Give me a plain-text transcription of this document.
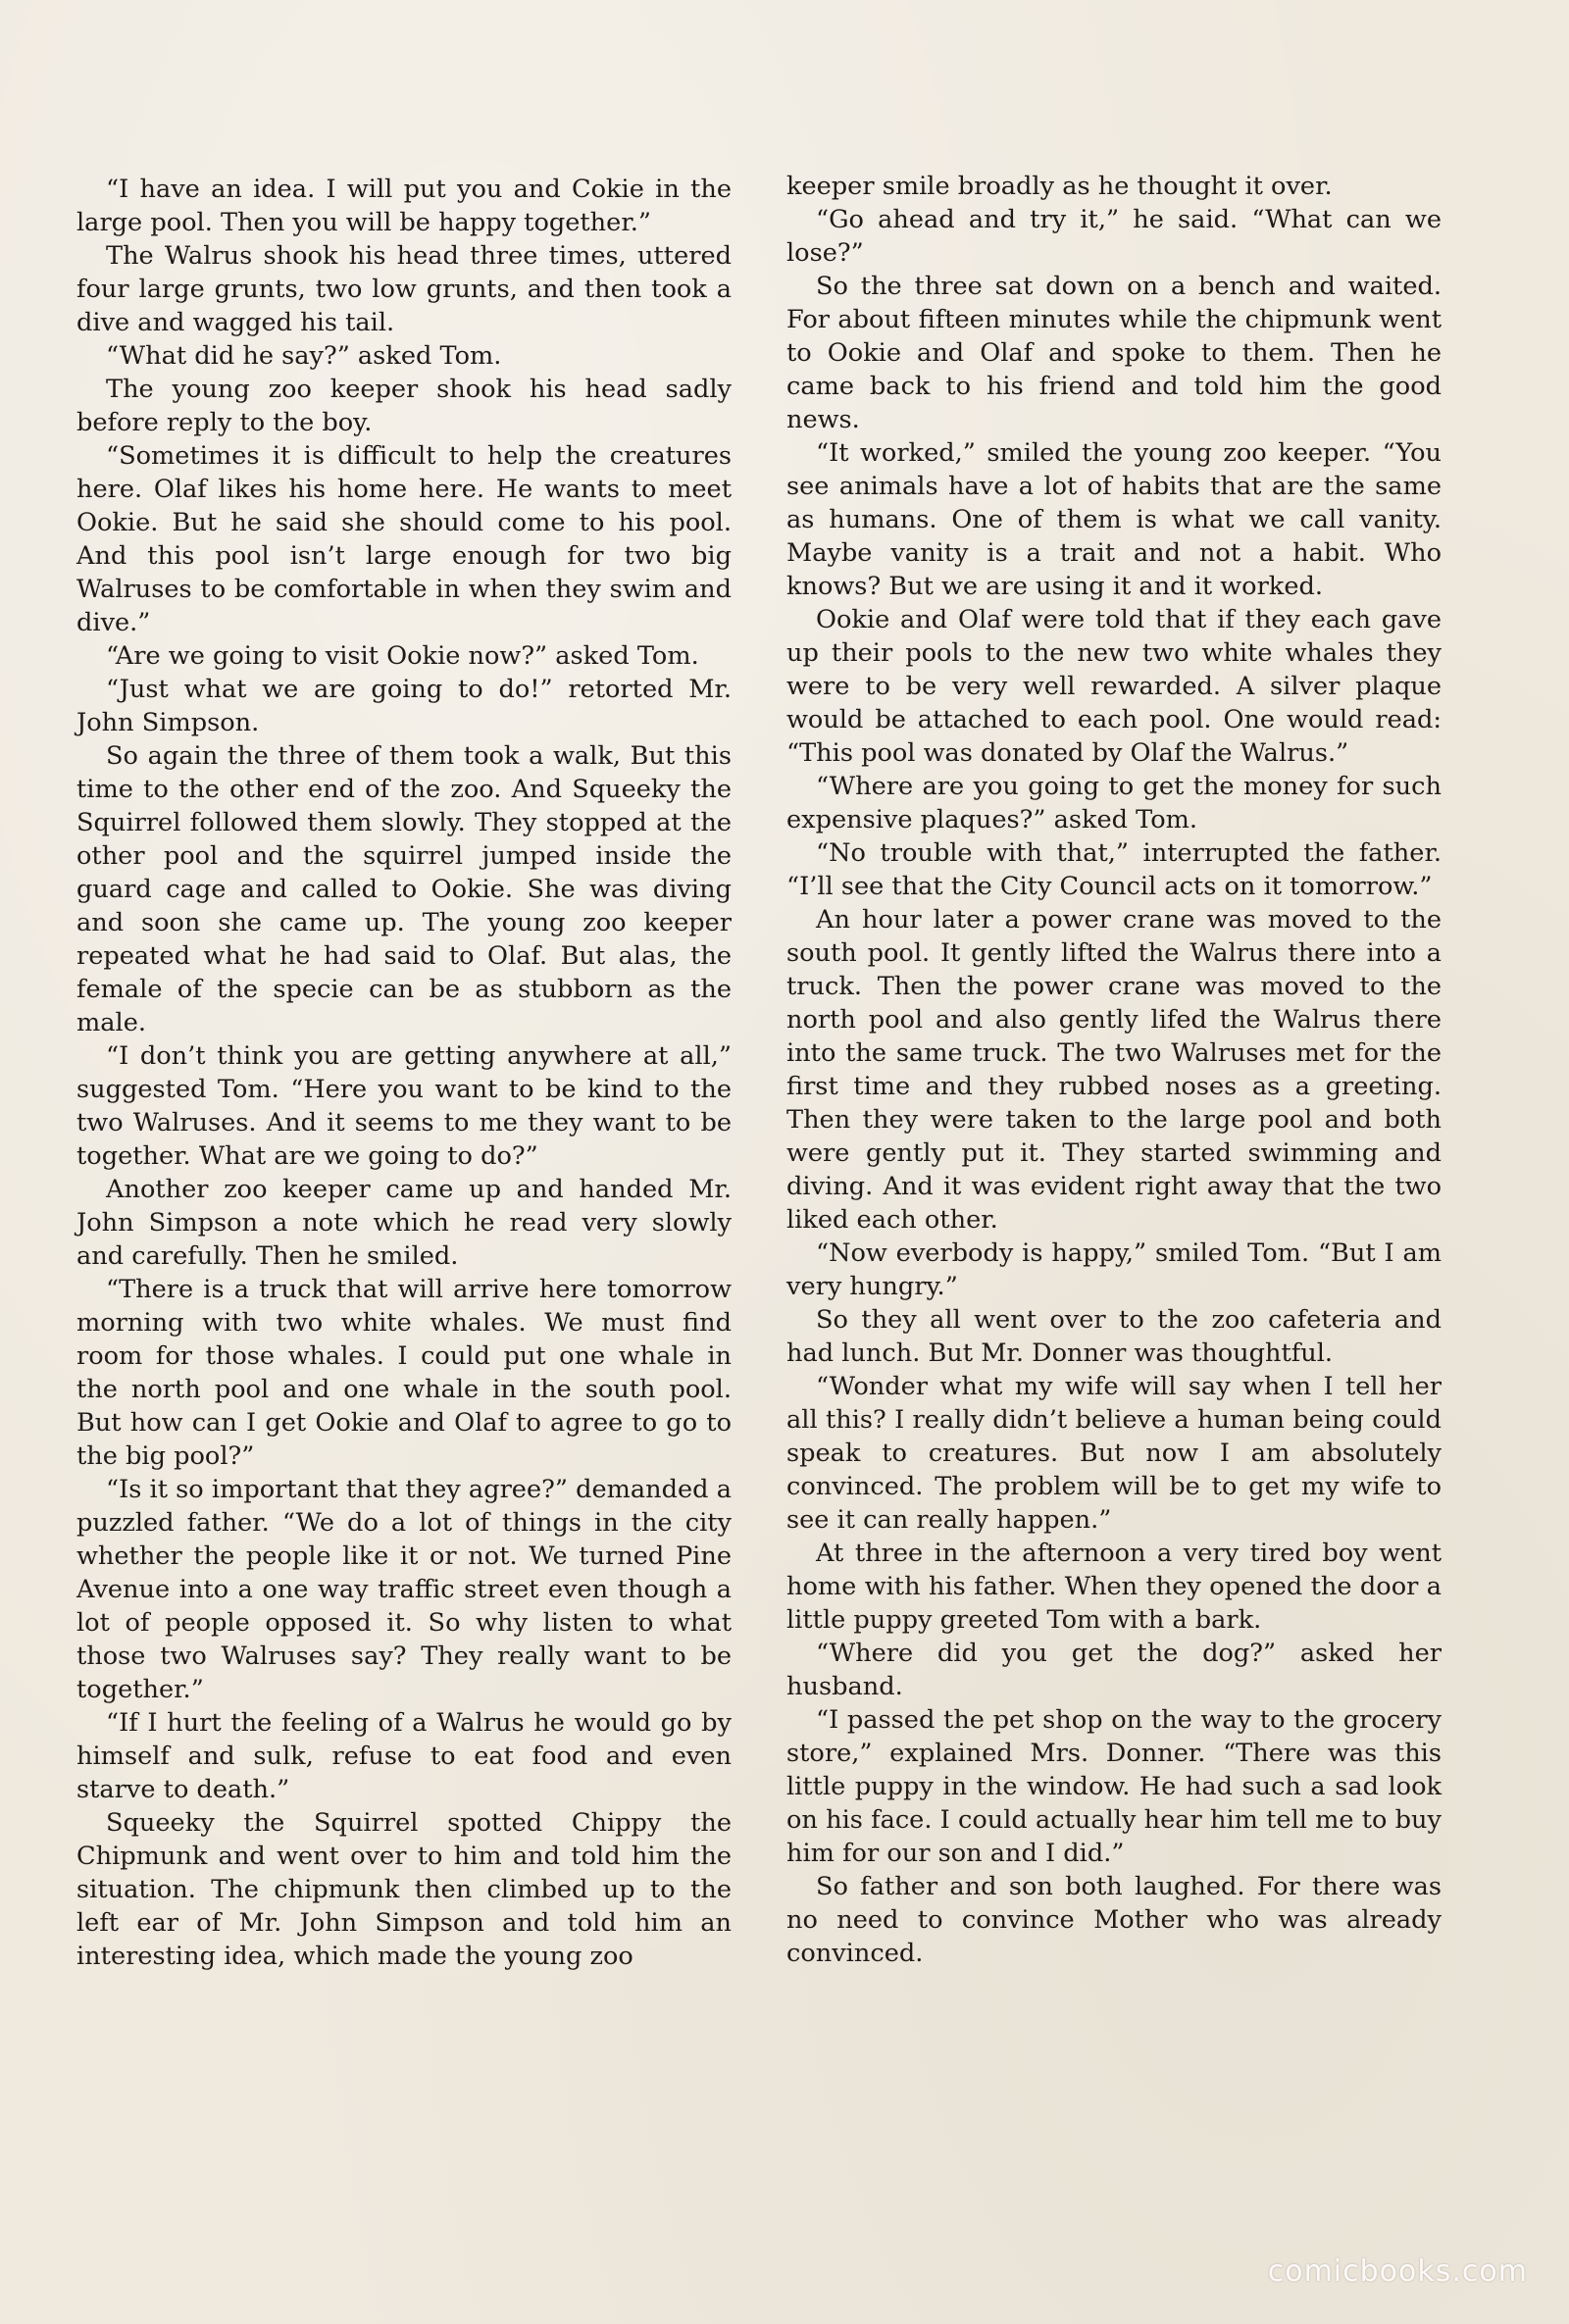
“I have an idea. I will put you and Cokie in the large pool. Then you will be happy together.”

The Walrus shook his head three times, uttered four large grunts, two low grunts, and then took a dive and wagged his tail.

“What did he say?” asked Tom.

The young zoo keeper shook his head sadly before reply to the boy.

“Sometimes it is difficult to help the creatures here. Olaf likes his home here. He wants to meet Ookie. But he said she should come to his pool. And this pool isn’t large enough for two big Walruses to be comfortable in when they swim and dive.”

“Are we going to visit Ookie now?” asked Tom.

“Just what we are going to do!” retorted Mr. John Simpson.

So again the three of them took a walk, But this time to the other end of the zoo. And Squeeky the Squirrel followed them slowly. They stopped at the other pool and the squirrel jumped inside the guard cage and called to Ookie. She was diving and soon she came up. The young zoo keeper repeated what he had said to Olaf. But alas, the female of the specie can be as stubborn as the male.

“I don’t think you are getting anywhere at all,” suggested Tom. “Here you want to be kind to the two Walruses. And it seems to me they want to be together. What are we going to do?”

Another zoo keeper came up and handed Mr. John Simpson a note which he read very slowly and carefully. Then he smiled.

“There is a truck that will arrive here tomorrow morning with two white whales. We must find room for those whales. I could put one whale in the north pool and one whale in the south pool. But how can I get Ookie and Olaf to agree to go to the big pool?”

“Is it so important that they agree?” demanded a puzzled father. “We do a lot of things in the city whether the people like it or not. We turned Pine Avenue into a one way traffic street even though a lot of people opposed it. So why listen to what those two Walruses say? They really want to be together.”

“If I hurt the feeling of a Walrus he would go by himself and sulk, refuse to eat food and even starve to death.”

Squeeky the Squirrel spotted Chippy the Chipmunk and went over to him and told him the situation. The chipmunk then climbed up to the left ear of Mr. John Simpson and told him an interesting idea, which made the young zoo

keeper smile broadly as he thought it over.

“Go ahead and try it,” he said. “What can we lose?”

So the three sat down on a bench and waited. For about fifteen minutes while the chipmunk went to Ookie and Olaf and spoke to them. Then he came back to his friend and told him the good news.

“It worked,” smiled the young zoo keeper. “You see animals have a lot of habits that are the same as humans. One of them is what we call vanity. Maybe vanity is a trait and not a habit. Who knows? But we are using it and it worked.

Ookie and Olaf were told that if they each gave up their pools to the new two white whales they were to be very well rewarded. A silver plaque would be attached to each pool. One would read: “This pool was donated by Olaf the Walrus.”

“Where are you going to get the money for such expensive plaques?” asked Tom.

“No trouble with that,” interrupted the father. “I’ll see that the City Council acts on it tomorrow.”

An hour later a power crane was moved to the south pool. It gently lifted the Walrus there into a truck. Then the power crane was moved to the north pool and also gently lifed the Walrus there into the same truck. The two Walruses met for the first time and they rubbed noses as a greeting. Then they were taken to the large pool and both were gently put it. They started swimming and diving. And it was evident right away that the two liked each other.

“Now everbody is happy,” smiled Tom. “But I am very hungry.”

So they all went over to the zoo cafeteria and had lunch. But Mr. Donner was thoughtful.

“Wonder what my wife will say when I tell her all this? I really didn’t believe a human being could speak to creatures. But now I am absolutely convinced. The problem will be to get my wife to see it can really happen.”

At three in the afternoon a very tired boy went home with his father. When they opened the door a little puppy greeted Tom with a bark.

“Where did you get the dog?” asked her husband.

“I passed the pet shop on the way to the grocery store,” explained Mrs. Donner. “There was this little puppy in the window. He had such a sad look on his face. I could actually hear him tell me to buy him for our son and I did.”

So father and son both laughed. For there was no need to convince Mother who was already convinced.

comicbooks.com
